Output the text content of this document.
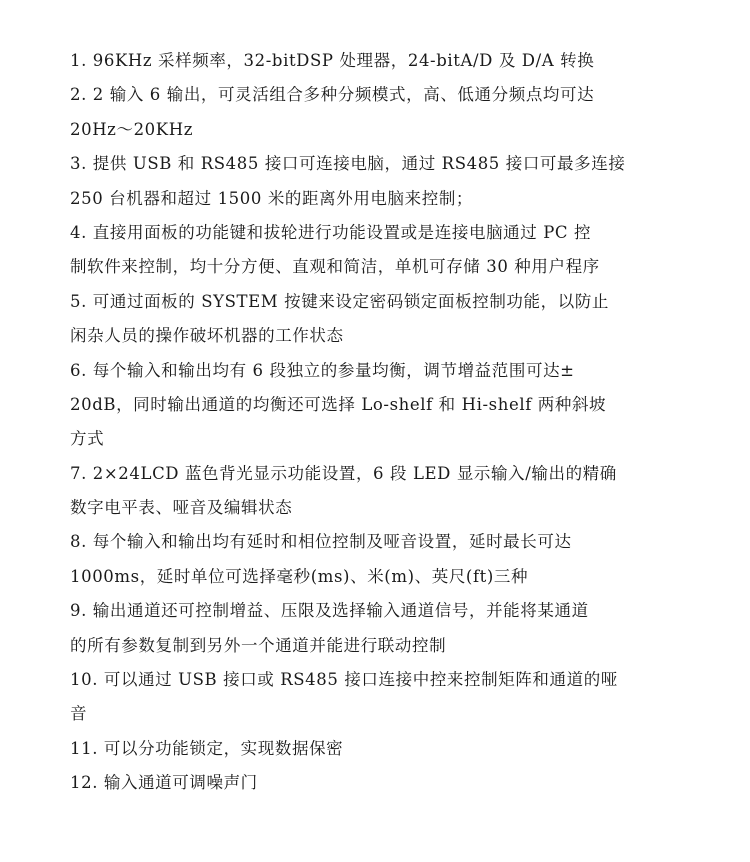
1. 96KHz 采样频率，32-bitDSP 处理器，24-bitA/D 及 D/A 转换
2. 2 输入 6 输出，可灵活组合多种分频模式，高、低通分频点均可达
20Hz～20KHz
3. 提供 USB 和 RS485 接口可连接电脑，通过 RS485 接口可最多连接
250 台机器和超过 1500 米的距离外用电脑来控制；
4. 直接用面板的功能键和拔轮进行功能设置或是连接电脑通过 PC 控
制软件来控制，均十分方便、直观和简洁，单机可存储 30 种用户程序
5. 可通过面板的 SYSTEM 按键来设定密码锁定面板控制功能，以防止
闲杂人员的操作破坏机器的工作状态
6. 每个输入和输出均有 6 段独立的参量均衡，调节增益范围可达±
20dB，同时输出通道的均衡还可选择 Lo-shelf 和 Hi-shelf 两种斜坡
方式
7. 2×24LCD 蓝色背光显示功能设置，6 段 LED 显示输入/输出的精确
数字电平表、哑音及编辑状态
8. 每个输入和输出均有延时和相位控制及哑音设置，延时最长可达
1000ms，延时单位可选择毫秒(ms)、米(m)、英尺(ft)三种
9. 输出通道还可控制增益、压限及选择输入通道信号，并能将某通道
的所有参数复制到另外一个通道并能进行联动控制
10. 可以通过 USB 接口或 RS485 接口连接中控来控制矩阵和通道的哑
音
11. 可以分功能锁定，实现数据保密
12. 输入通道可调噪声门
